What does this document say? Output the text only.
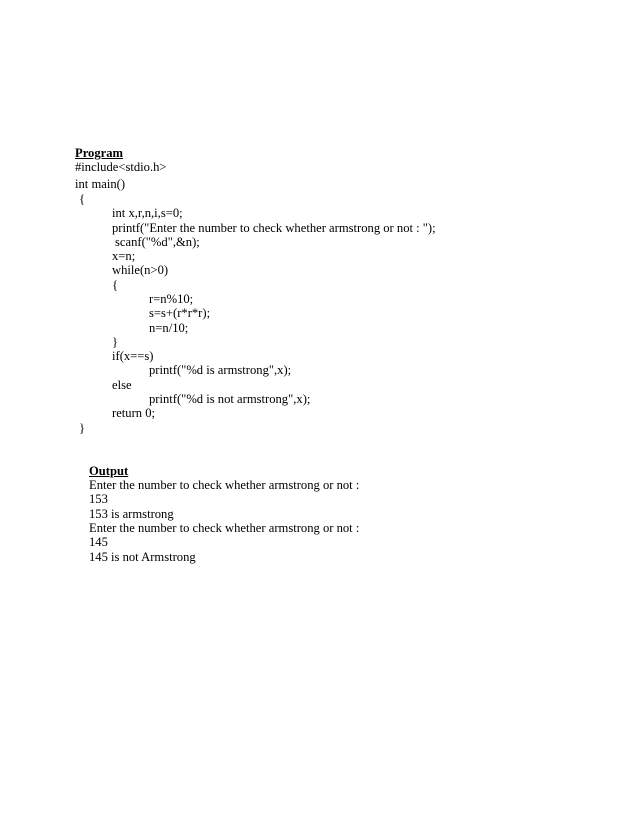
Program
#include<stdio.h>
int main()
{
int x,r,n,i,s=0;
printf("Enter the number to check whether armstrong or not : ");
scanf("%d",&n);
x=n;
while(n>0)
{
r=n%10;
s=s+(r*r*r);
n=n/10;
}
if(x==s)
printf("%d is armstrong",x);
else
printf("%d is not armstrong",x);
return 0;
}
Output
Enter the number to check whether armstrong or not :
153
153 is armstrong
Enter the number to check whether armstrong or not :
145
145 is not Armstrong
